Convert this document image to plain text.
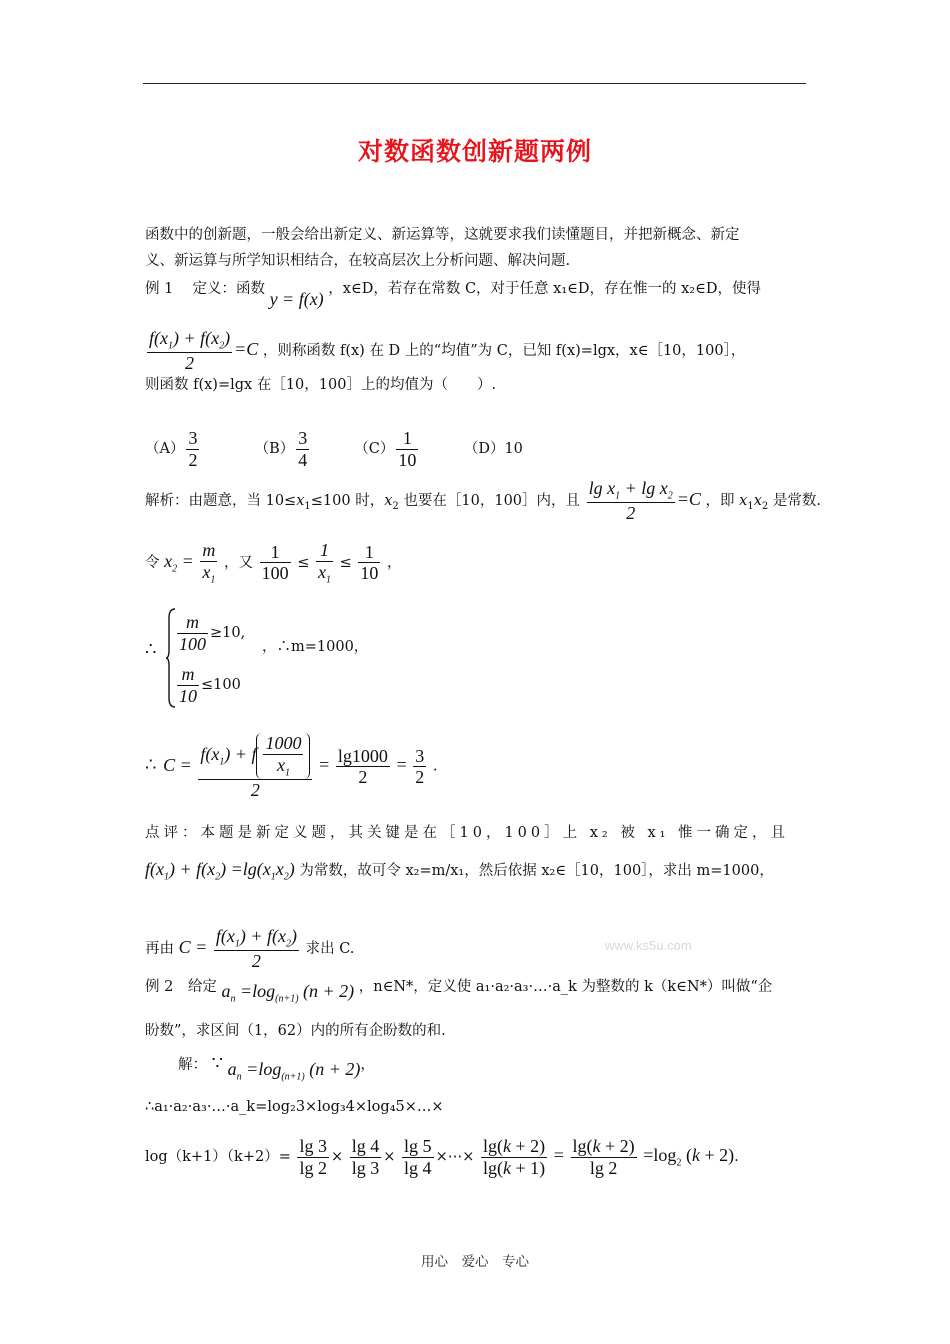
对数函数创新题两例
函数中的创新题，一般会给出新定义、新运算等，这就要求我们读懂题目，并把新概念、新定
义、新运算与所学知识相结合，在较高层次上分析问题、解决问题.
例 1　 定义：函数 y = f(x) ，x∈D，若存在常数 C，对于任意 x₁∈D，存在惟一的 x₂∈D，使得
$\frac{f(x_1) + f(x_2)}{2} =C$ ，则称函数 f(x) 在 D 上的“均值”为 C，已知 f(x)=lgx，x∈［10，100］，
则函数 f(x)=lgx 在［10，100］上的均值为（　　）.
$(A) \frac{3}{2}$	$(B) \frac{3}{4}$	$(C) \frac{1}{10}$	（D）10
解析：由题意，当 $10\le x_1\le 100$ 时，$x_2$ 也要在［10，100］内，且 $\frac{\lg x_1 + \lg x_2}{2} =C$ ，即 $x_1x_2$ 是常数.
令 $x_2 = \frac{m}{x_1}$ ，又 $\frac{1}{100} \le \frac{1}{x_1} \le \frac{1}{10}$ ，
∴ $\frac{m}{100} \ge 10$,
$\frac{m}{10} \le 100$
，∴m=1000，
∴ $C = \frac{f(x_1) + f \frac{1000}{x_1}}{2} = \frac{\lg 1000}{2} = \frac{3}{2}$ .
点评：本题是新定义题，其关键是在［10，100］上 x₂ 被 x₁ 惟一确定，且
$f(x_1) + f(x_2) =\lg(x_1x_2)$ 为常数，故可令 x₂=m/x₁，然后依据 x₂∈［10，100］，求出 m=1000，
再由 $C = \frac{f(x_1) + f(x_2)}{2}$ 求出 C.	www.ks5u.com
例 2　给定 $a_n =\log_{(n+1)}$ (n + 2) ，n∈N*，定义使 a₁·a₂·a₃·…·a_k 为整数的 k（k∈N*）叫做“企
盼数”，求区间（1，62）内的所有企盼数的和.
解： ∵ $a_n =\log_{(n+1)}$ (n + 2)，
∴a₁·a₂·a₃·…·a_k=log₂3×log₃4×log₄5×…×
$\log(k+1)(k+2)= \frac{\lg 3}{\lg 2} \times \frac{\lg 4}{\lg 3} \times \frac{\lg 5}{\lg 4}$ ×⋯× $\frac{\lg(k + 2)}{\lg(k + 1)} = \frac{\lg(k + 2)}{\lg 2} =\log_2$ (k + 2).
用心　爱心　专心
